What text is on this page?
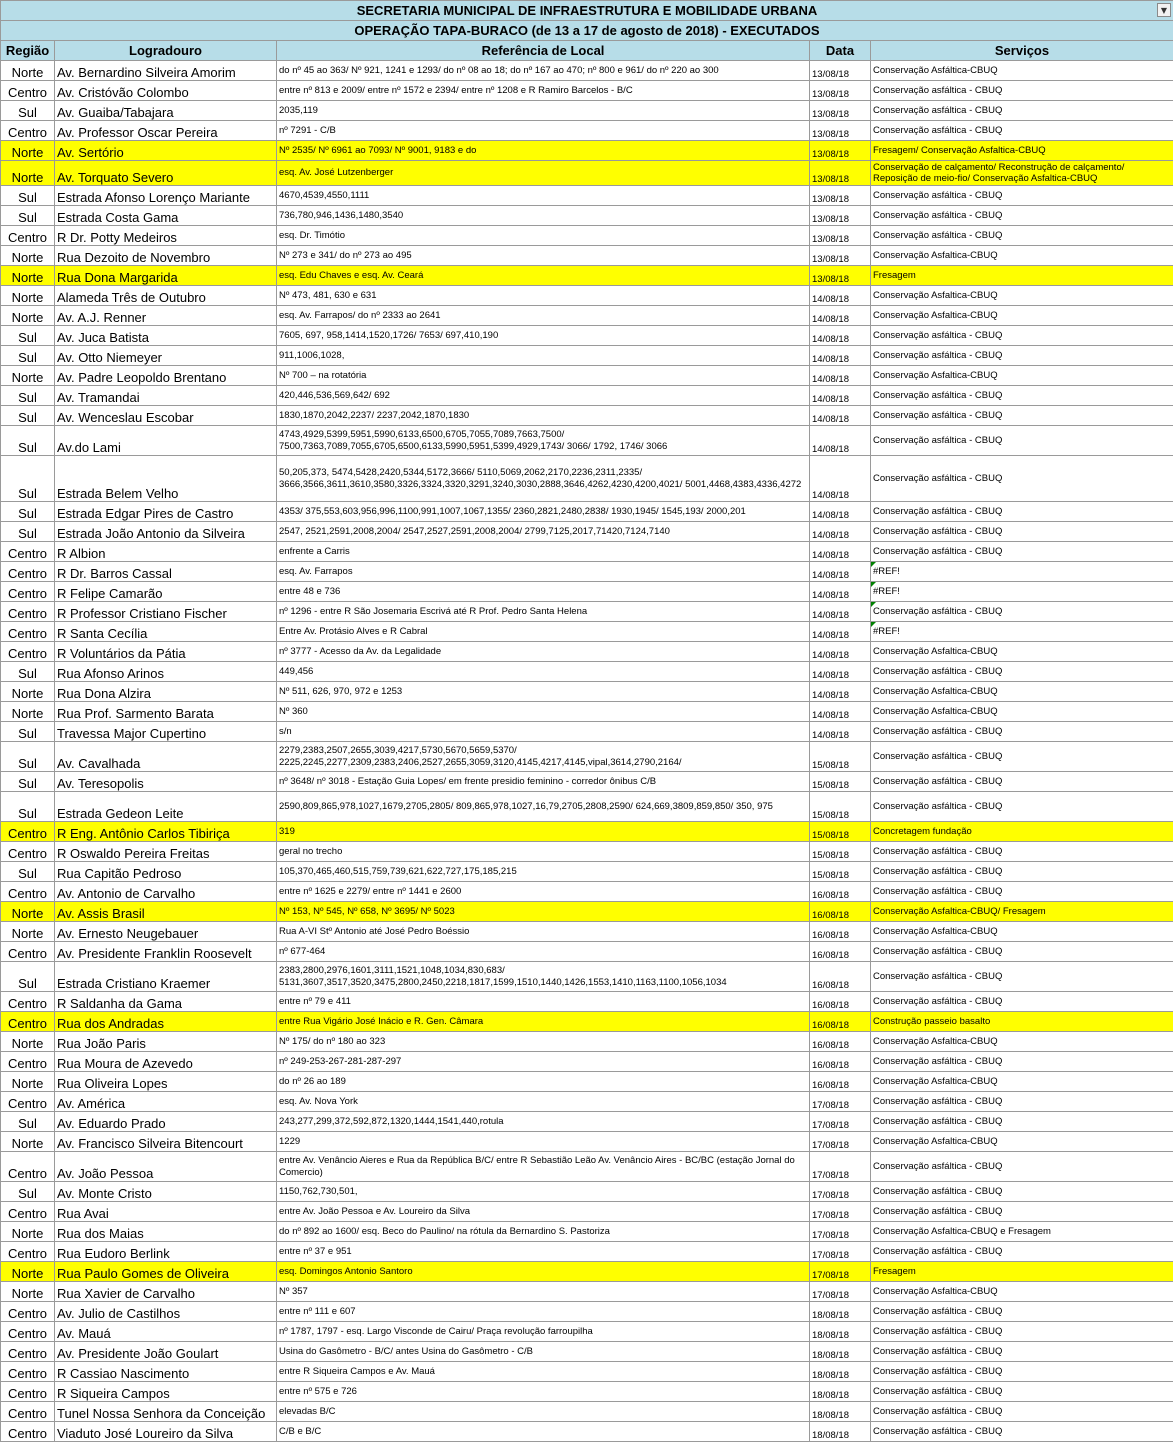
SECRETARIA MUNICIPAL DE INFRAESTRUTURA E MOBILIDADE URBANA ▼				

OPERAÇÃO TAPA-BURACO (de 13 a 17 de agosto de 2018) - EXECUTADOS				
Região	Logradouro	Referência de Local	Data	Serviços
Norte	Av. Bernardino Silveira Amorim	do nº 45 ao 363/ Nº 921, 1241 e 1293/ do nº 08 ao 18; do nº 167 ao 470; nº 800 e 961/ do nº 220 ao 300	13/08/18	Conservação Asfáltica-CBUQ
Centro	Av. Cristóvão Colombo	entre nº 813 e 2009/ entre nº 1572 e 2394/ entre nº 1208 e R Ramiro Barcelos - B/C	13/08/18	Conservação asfáltica - CBUQ
Sul	Av. Guaiba/Tabajara	2035,119	13/08/18	Conservação asfáltica - CBUQ
Centro	Av. Professor Oscar Pereira	nº 7291 - C/B	13/08/18	Conservação asfáltica - CBUQ
Norte	Av. Sertório	Nº 2535/ Nº 6961 ao 7093/ Nº 9001, 9183 e do	13/08/18	Fresagem/ Conservação Asfaltica-CBUQ
Norte	Av. Torquato Severo	esq. Av. José Lutzenberger	13/08/18	Conservação de calçamento/ Reconstrução de calçamento/ Reposição de meio-fio/ Conservação Asfaltica-CBUQ
Sul	Estrada Afonso Lorenço Mariante	4670,4539,4550,1111	13/08/18	Conservação asfáltica - CBUQ
Sul	Estrada Costa Gama	736,780,946,1436,1480,3540	13/08/18	Conservação asfáltica - CBUQ
Centro	R Dr. Potty Medeiros	esq. Dr. Timótio	13/08/18	Conservação asfáltica - CBUQ
Norte	Rua Dezoito de Novembro	Nº 273 e 341/ do nº 273 ao 495	13/08/18	Conservação Asfaltica-CBUQ
Norte	Rua Dona Margarida	esq. Edu Chaves e esq. Av. Ceará	13/08/18	Fresagem
Norte	Alameda Três de Outubro	Nº 473, 481, 630 e 631	14/08/18	Conservação Asfaltica-CBUQ
Norte	Av. A.J. Renner	esq. Av. Farrapos/ do nº 2333 ao 2641	14/08/18	Conservação Asfaltica-CBUQ
Sul	Av. Juca Batista	7605, 697, 958,1414,1520,1726/ 7653/ 697,410,190	14/08/18	Conservação asfáltica - CBUQ
Sul	Av. Otto Niemeyer	911,1006,1028,	14/08/18	Conservação asfáltica - CBUQ
Norte	Av. Padre Leopoldo Brentano	Nº 700 – na rotatória	14/08/18	Conservação Asfaltica-CBUQ
Sul	Av. Tramandai	420,446,536,569,642/ 692	14/08/18	Conservação asfáltica - CBUQ
Sul	Av. Wenceslau Escobar	1830,1870,2042,2237/ 2237,2042,1870,1830	14/08/18	Conservação asfáltica - CBUQ
Sul	Av.do Lami	4743,4929,5399,5951,5990,6133,6500,6705,7055,7089,7663,7500/ 7500,7363,7089,7055,6705,6500,6133,5990,5951,5399,4929,1743/ 3066/ 1792, 1746/ 3066	14/08/18	Conservação asfáltica - CBUQ
Sul	Estrada Belem Velho	50,205,373, 5474,5428,2420,5344,5172,3666/ 5110,5069,2062,2170,2236,2311,2335/ 3666,3566,3611,3610,3580,3326,3324,3320,3291,3240,3030,2888,3646,4262,4230,4200,4021/ 5001,4468,4383,4336,4272	14/08/18	Conservação asfáltica - CBUQ
Sul	Estrada Edgar Pires de Castro	4353/ 375,553,603,956,996,1100,991,1007,1067,1355/ 2360,2821,2480,2838/ 1930,1945/ 1545,193/ 2000,201	14/08/18	Conservação asfáltica - CBUQ
Sul	Estrada João Antonio da Silveira	2547, 2521,2591,2008,2004/ 2547,2527,2591,2008,2004/ 2799,7125,2017,71420,7124,7140	14/08/18	Conservação asfáltica - CBUQ
Centro	R Albion	enfrente a Carris	14/08/18	Conservação asfáltica - CBUQ
Centro	R Dr. Barros Cassal	esq. Av. Farrapos	14/08/18	#REF!
Centro	R Felipe Camarão	entre 48 e 736	14/08/18	#REF!
Centro	R Professor Cristiano Fischer	nº 1296 - entre R São Josemaria Escrivá até R Prof. Pedro Santa Helena	14/08/18	Conservação asfáltica - CBUQ
Centro	R Santa Cecília	Entre Av. Protásio Alves e R Cabral	14/08/18	#REF!
Centro	R Voluntários da Pátia	nº 3777 - Acesso da Av. da Legalidade	14/08/18	Conservação Asfaltica-CBUQ
Sul	Rua Afonso Arinos	449,456	14/08/18	Conservação asfáltica - CBUQ
Norte	Rua Dona Alzira	Nº 511, 626, 970, 972 e 1253	14/08/18	Conservação Asfaltica-CBUQ
Norte	Rua Prof. Sarmento Barata	Nº 360	14/08/18	Conservação Asfaltica-CBUQ
Sul	Travessa Major Cupertino	s/n	14/08/18	Conservação asfáltica - CBUQ
Sul	Av. Cavalhada	2279,2383,2507,2655,3039,4217,5730,5670,5659,5370/ 2225,2245,2277,2309,2383,2406,2527,2655,3059,3120,4145,4217,4145,vipal,3614,2790,2164/	15/08/18	Conservação asfáltica - CBUQ
Sul	Av. Teresopolis	nº 3648/ nº 3018 - Estação Guia Lopes/ em frente presidio feminino - corredor ônibus C/B	15/08/18	Conservação asfáltica - CBUQ
Sul	Estrada Gedeon Leite	2590,809,865,978,1027,1679,2705,2805/ 809,865,978,1027,16,79,2705,2808,2590/ 624,669,3809,859,850/ 350, 975	15/08/18	Conservação asfáltica - CBUQ
Centro	R Eng. Antônio Carlos Tibiriça	319	15/08/18	Concretagem fundação
Centro	R Oswaldo Pereira Freitas	geral no trecho	15/08/18	Conservação asfáltica - CBUQ
Sul	Rua Capitão Pedroso	105,370,465,460,515,759,739,621,622,727,175,185,215	15/08/18	Conservação asfáltica - CBUQ
Centro	Av. Antonio de Carvalho	entre nº 1625 e 2279/ entre nº 1441 e 2600	16/08/18	Conservação asfáltica - CBUQ
Norte	Av. Assis Brasil	Nº 153, Nº 545, Nº 658, Nº 3695/ Nº 5023	16/08/18	Conservação Asfaltica-CBUQ/ Fresagem
Norte	Av. Ernesto Neugebauer	Rua A-VI Stº Antonio até José Pedro Boéssio	16/08/18	Conservação Asfaltica-CBUQ
Centro	Av. Presidente Franklin Roosevelt	nº 677-464	16/08/18	Conservação asfáltica - CBUQ
Sul	Estrada Cristiano Kraemer	2383,2800,2976,1601,3111,1521,1048,1034,830,683/ 5131,3607,3517,3520,3475,2800,2450,2218,1817,1599,1510,1440,1426,1553,1410,1163,1100,1056,1034	16/08/18	Conservação asfáltica - CBUQ
Centro	R Saldanha da Gama	entre nº 79 e 411	16/08/18	Conservação asfáltica - CBUQ
Centro	Rua dos Andradas	entre Rua Vigário José Inácio e R. Gen. Câmara	16/08/18	Construção passeio basalto
Norte	Rua João Paris	Nº 175/ do nº 180 ao 323	16/08/18	Conservação Asfaltica-CBUQ
Centro	Rua Moura de Azevedo	nº 249-253-267-281-287-297	16/08/18	Conservação asfáltica - CBUQ
Norte	Rua Oliveira Lopes	do nº 26 ao 189	16/08/18	Conservação Asfaltica-CBUQ
Centro	Av. América	esq. Av. Nova York	17/08/18	Conservação asfáltica - CBUQ
Sul	Av. Eduardo Prado	243,277,299,372,592,872,1320,1444,1541,440,rotula	17/08/18	Conservação asfáltica - CBUQ
Norte	Av. Francisco Silveira Bitencourt	1229	17/08/18	Conservação Asfaltica-CBUQ
Centro	Av. João Pessoa	entre Av. Venâncio Aieres e Rua da República B/C/ entre R Sebastião Leão Av. Venâncio Aires - BC/BC (estação Jornal do Comercio)	17/08/18	Conservação asfáltica - CBUQ
Sul	Av. Monte Cristo	1150,762,730,501,	17/08/18	Conservação asfáltica - CBUQ
Centro	Rua Avai	entre Av. João Pessoa e Av. Loureiro da Silva	17/08/18	Conservação asfáltica - CBUQ
Norte	Rua dos Maias	do nº 892 ao 1600/ esq. Beco do Paulino/ na rótula da Bernardino S. Pastoriza	17/08/18	Conservação Asfaltica-CBUQ e Fresagem
Centro	Rua Eudoro Berlink	entre nº 37 e 951	17/08/18	Conservação asfáltica - CBUQ
Norte	Rua Paulo Gomes de Oliveira	esq. Domingos Antonio Santoro	17/08/18	Fresagem
Norte	Rua Xavier de Carvalho	Nº 357	17/08/18	Conservação Asfaltica-CBUQ
Centro	Av. Julio de Castilhos	entre nº 111 e 607	18/08/18	Conservação asfáltica - CBUQ
Centro	Av. Mauá	nº 1787, 1797 - esq. Largo Visconde de Cairu/ Praça revolução farroupilha	18/08/18	Conservação asfáltica - CBUQ
Centro	Av. Presidente João Goulart	Usina do Gasômetro - B/C/ antes Usina do Gasômetro - C/B	18/08/18	Conservação asfáltica - CBUQ
Centro	R Cassiao Nascimento	entre R Siqueira Campos e Av. Mauá	18/08/18	Conservação asfáltica - CBUQ
Centro	R Siqueira Campos	entre nº 575 e 726	18/08/18	Conservação asfáltica - CBUQ
Centro	Tunel Nossa Senhora da Conceição	elevadas B/C	18/08/18	Conservação asfáltica - CBUQ
Centro	Viaduto José Loureiro da Silva	C/B e B/C	18/08/18	Conservação asfáltica - CBUQ
